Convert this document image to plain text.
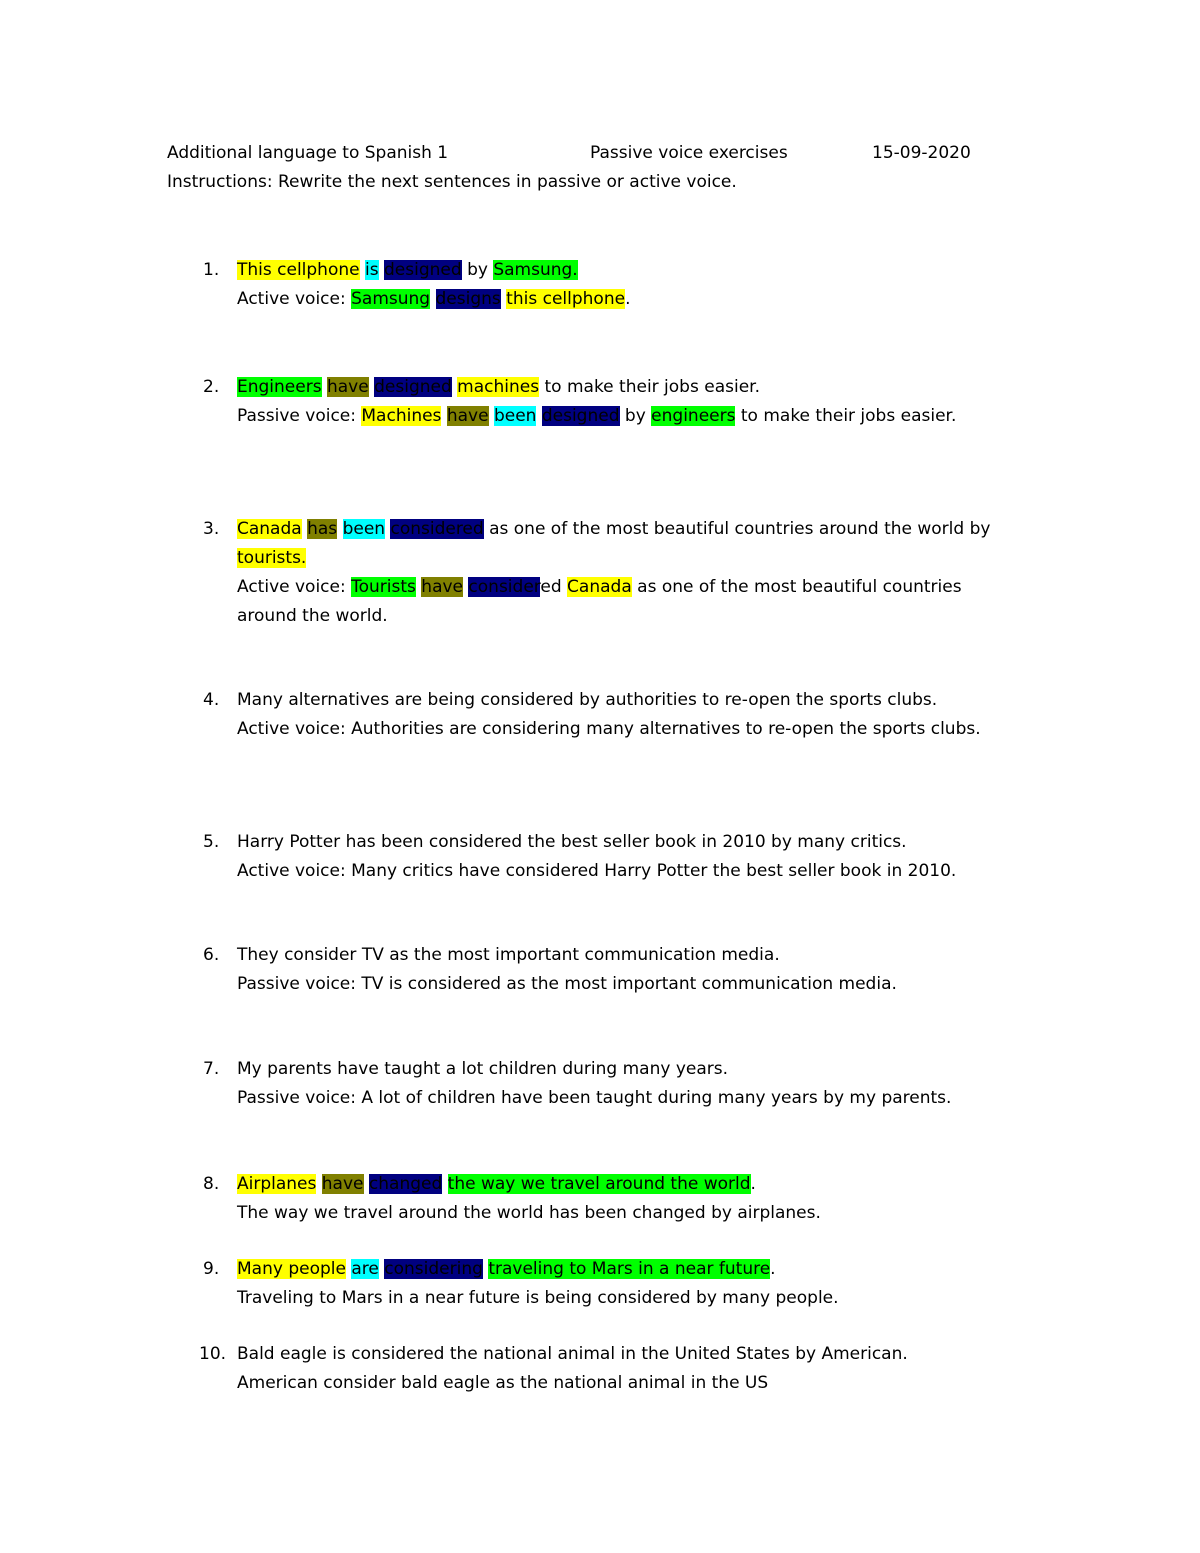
Additional language to Spanish 1	Passive voice exercises	15-09-2020
Instructions: Rewrite the next sentences in passive or active voice.
1. This cellphone is designed by Samsung.
Active voice: Samsung designs this cellphone.
2. Engineers have designed machines to make their jobs easier.
Passive voice: Machines have been designed by engineers to make their jobs easier.
3. Canada has been considered as one of the most beautiful countries around the world by
tourists.
Active voice: Tourists have considered Canada as one of the most beautiful countries
around the world.
4. Many alternatives are being considered by authorities to re-open the sports clubs.
Active voice: Authorities are considering many alternatives to re-open the sports clubs.
5. Harry Potter has been considered the best seller book in 2010 by many critics.
Active voice: Many critics have considered Harry Potter the best seller book in 2010.
6. They consider TV as the most important communication media.
Passive voice: TV is considered as the most important communication media.
7. My parents have taught a lot children during many years.
Passive voice: A lot of children have been taught during many years by my parents.
8. Airplanes have changed the way we travel around the world.
The way we travel around the world has been changed by airplanes.
9. Many people are considering traveling to Mars in a near future.
Traveling to Mars in a near future is being considered by many people.
10. Bald eagle is considered the national animal in the United States by American.
American consider bald eagle as the national animal in the US
